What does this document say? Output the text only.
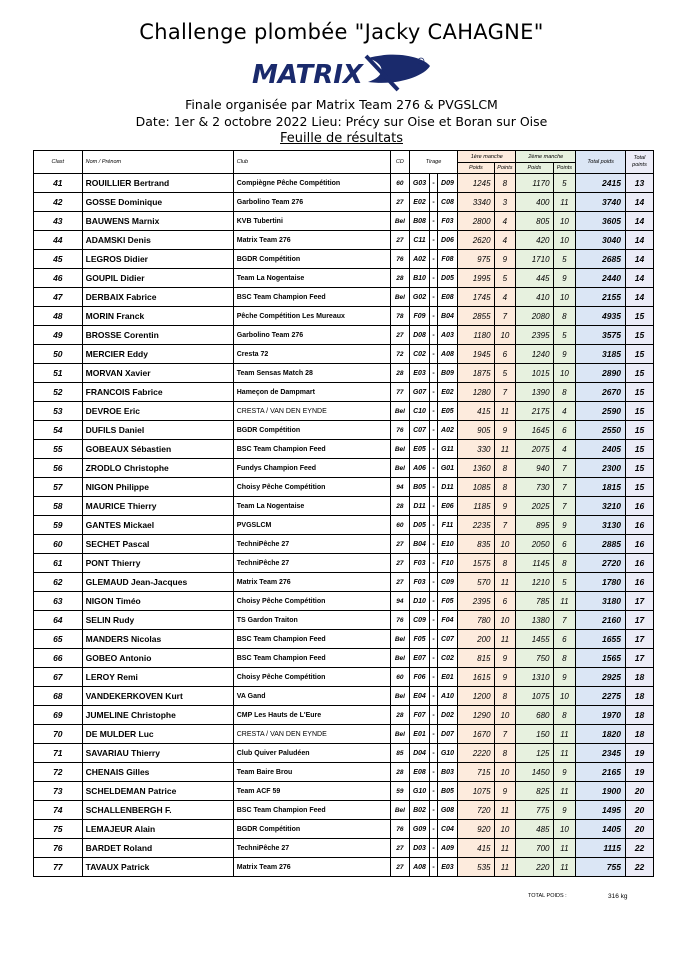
Challenge plombée "Jacky CAHAGNE"
MATRIX
Finale organisée par Matrix Team 276 & PVGSLCM
Date: 1er & 2 octobre 2022 Lieu: Précy sur Oise et Boran sur Oise
Feuille de résultats
Clast	Nom / Prénom	Club	CD	Tirage			1ère manche		2ème manche		Total poids	Total points
							Poids	Points	Poids	Points		
41	ROUILLIER Bertrand	Compiègne Pêche Compétition	60	G03	-	D09	1245	8	1170	5	2415	13
42	GOSSE Dominique	Garbolino Team 276	27	E02	-	C08	3340	3	400	11	3740	14
43	BAUWENS Marnix	KVB Tubertini	Bel	B08	-	F03	2800	4	805	10	3605	14
44	ADAMSKI Denis	Matrix Team 276	27	C11	-	D06	2620	4	420	10	3040	14
45	LEGROS Didier	BGDR Compétition	76	A02	-	F08	975	9	1710	5	2685	14
46	GOUPIL Didier	Team La Nogentaise	28	B10	-	D05	1995	5	445	9	2440	14
47	DERBAIX Fabrice	BSC Team Champion Feed	Bel	G02	-	E08	1745	4	410	10	2155	14
48	MORIN Franck	Pêche Compétition Les Mureaux	78	F09	-	B04	2855	7	2080	8	4935	15
49	BROSSE Corentin	Garbolino Team 276	27	D08	-	A03	1180	10	2395	5	3575	15
50	MERCIER Eddy	Cresta 72	72	C02	-	A08	1945	6	1240	9	3185	15
51	MORVAN Xavier	Team Sensas Match 28	28	E03	-	B09	1875	5	1015	10	2890	15
52	FRANCOIS Fabrice	Hameçon de Dampmart	77	G07	-	E02	1280	7	1390	8	2670	15
53	DEVROE Eric	CRESTA / VAN DEN EYNDE	Bel	C10	-	E05	415	11	2175	4	2590	15
54	DUFILS Daniel	BGDR Compétition	76	C07	-	A02	905	9	1645	6	2550	15
55	GOBEAUX Sébastien	BSC Team Champion Feed	Bel	E05	-	G11	330	11	2075	4	2405	15
56	ZRODLO Christophe	Fundys Champion Feed	Bel	A06	-	G01	1360	8	940	7	2300	15
57	NIGON Philippe	Choisy Pêche Compétition	94	B05	-	D11	1085	8	730	7	1815	15
58	MAURICE Thierry	Team La Nogentaise	28	D11	-	E06	1185	9	2025	7	3210	16
59	GANTES Mickael	PVGSLCM	60	D05	-	F11	2235	7	895	9	3130	16
60	SECHET Pascal	TechniPêche 27	27	B04	-	E10	835	10	2050	6	2885	16
61	PONT Thierry	TechniPêche 27	27	F03	-	F10	1575	8	1145	8	2720	16
62	GLEMAUD Jean-Jacques	Matrix Team 276	27	F03	-	C09	570	11	1210	5	1780	16
63	NIGON Timéo	Choisy Pêche Compétition	94	D10	-	F05	2395	6	785	11	3180	17
64	SELIN Rudy	TS Gardon Traiton	76	C09	-	F04	780	10	1380	7	2160	17
65	MANDERS Nicolas	BSC Team Champion Feed	Bel	F05	-	C07	200	11	1455	6	1655	17
66	GOBEO Antonio	BSC Team Champion Feed	Bel	E07	-	C02	815	9	750	8	1565	17
67	LEROY Remi	Choisy Pêche Compétition	60	F06	-	E01	1615	9	1310	9	2925	18
68	VANDEKERKOVEN Kurt	VA Gand	Bel	E04	-	A10	1200	8	1075	10	2275	18
69	JUMELINE Christophe	CMP Les Hauts de L'Eure	28	F07	-	D02	1290	10	680	8	1970	18
70	DE MULDER Luc	CRESTA / VAN DEN EYNDE	Bel	E01	-	D07	1670	7	150	11	1820	18
71	SAVARIAU Thierry	Club Quiver Paludéen	85	D04	-	G10	2220	8	125	11	2345	19
72	CHENAIS Gilles	Team Baire Brou	28	E08	-	B03	715	10	1450	9	2165	19
73	SCHELDEMAN Patrice	Team ACF 59	59	G10	-	B05	1075	9	825	11	1900	20
74	SCHALLENBERGH F.	BSC Team Champion Feed	Bel	B02	-	G08	720	11	775	9	1495	20
75	LEMAJEUR Alain	BGDR Compétition	76	G09	-	C04	920	10	485	10	1405	20
76	BARDET Roland	TechniPêche 27	27	D03	-	A09	415	11	700	11	1115	22
77	TAVAUX Patrick	Matrix Team 276	27	A08	-	E03	535	11	220	11	755	22
TOTAL POIDS :	316 kg
